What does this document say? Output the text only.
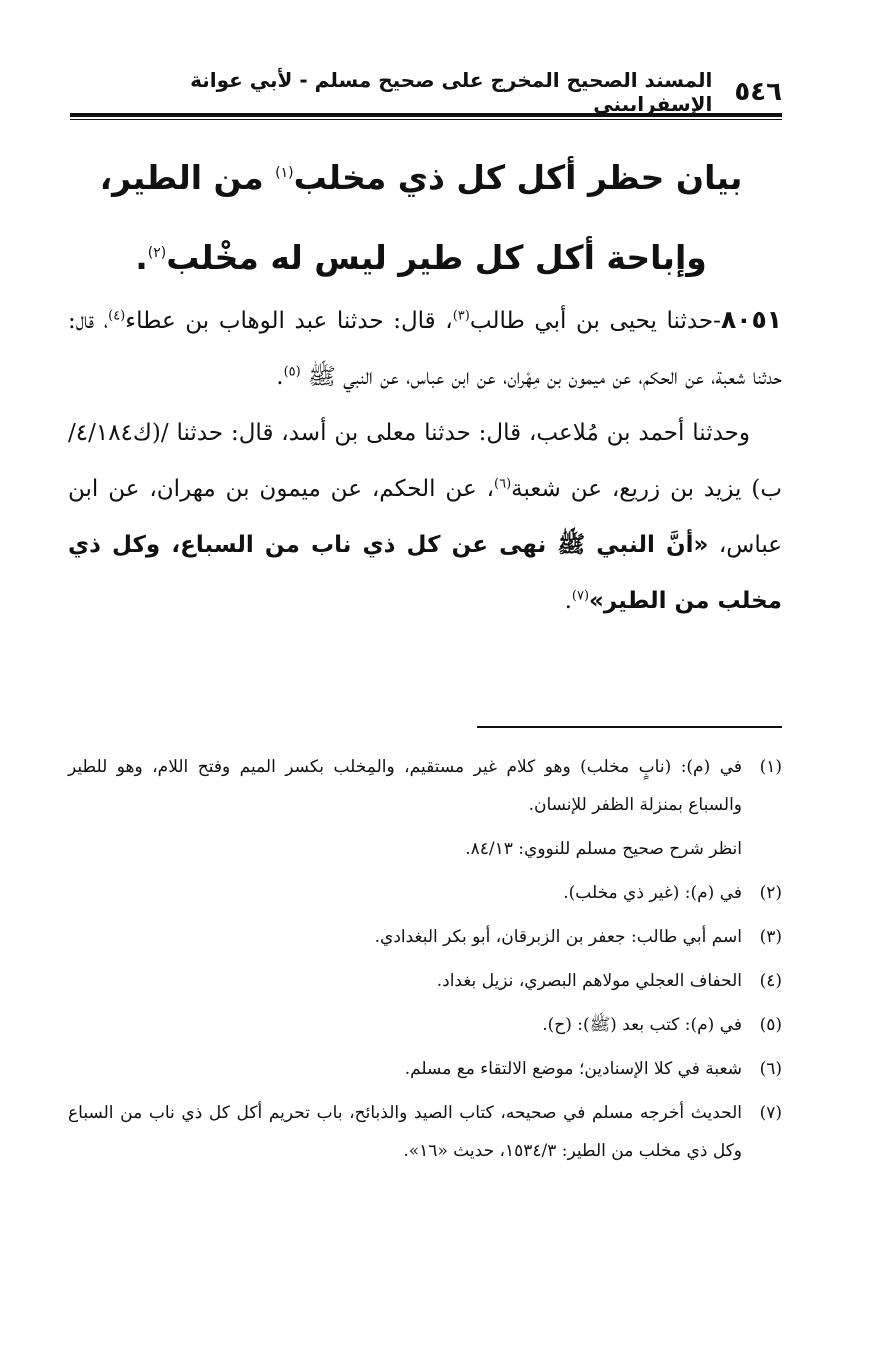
٥٤٦
المسند الصحيح المخرج على صحيح مسلم - لأبي عوانة الإسفراييني
بيان حظر أكل كل ذي مخلب$^{(١)}$ من الطير، وإباحة أكل كل طير ليس له مخْلب$^{(٢)}$.

٨٠٥١-حدثنا يحيى بن أبي طالب$^{(٣)}$، قال: حدثنا عبد الوهاب بن عطاء$^{(٤)}$، قال: حدثنا شعبة، عن الحكم، عن ميمون بن مِهْران، عن ابن عباس، عن النبي ﷺ $^{(٥)}$.

وحدثنا أحمد بن مُلاعب، قال: حدثنا معلى بن أسد، قال: حدثنا /(ك٤/١٨٤/ب) يزيد بن زريع، عن شعبة$^{(٦)}$، عن الحكم، عن ميمون بن مهران، عن ابن عباس، «أنَّ النبي ﷺ نهى عن كل ذي ناب من السباع، وكل ذي مخلب من الطير»$^{(٧)}$.

(١)
في (م): (نابٍ مخلب) وهو كلام غير مستقيم، والمِخلب بكسر الميم وفتح اللام، وهو للطير والسباع بمنزلة الظفر للإنسان.
انظر شرح صحيح مسلم للنووي: ٨٤/١٣.
(٢)
في (م): (غير ذي مخلب).
(٣)
اسم أبي طالب: جعفر بن الزبرقان، أبو بكر البغدادي.
(٤)
الحفاف العجلي مولاهم البصري، نزيل بغداد.
(٥)
في (م): كتب بعد (ﷺ): (ح).
(٦)
شعبة في كلا الإسنادين؛ موضع الالتقاء مع مسلم.
(٧)
الحديث أخرجه مسلم في صحيحه، كتاب الصيد والذبائح، باب تحريم أكل كل ذي ناب من السباع وكل ذي مخلب من الطير: ١٥٣٤/٣، حديث «١٦».
